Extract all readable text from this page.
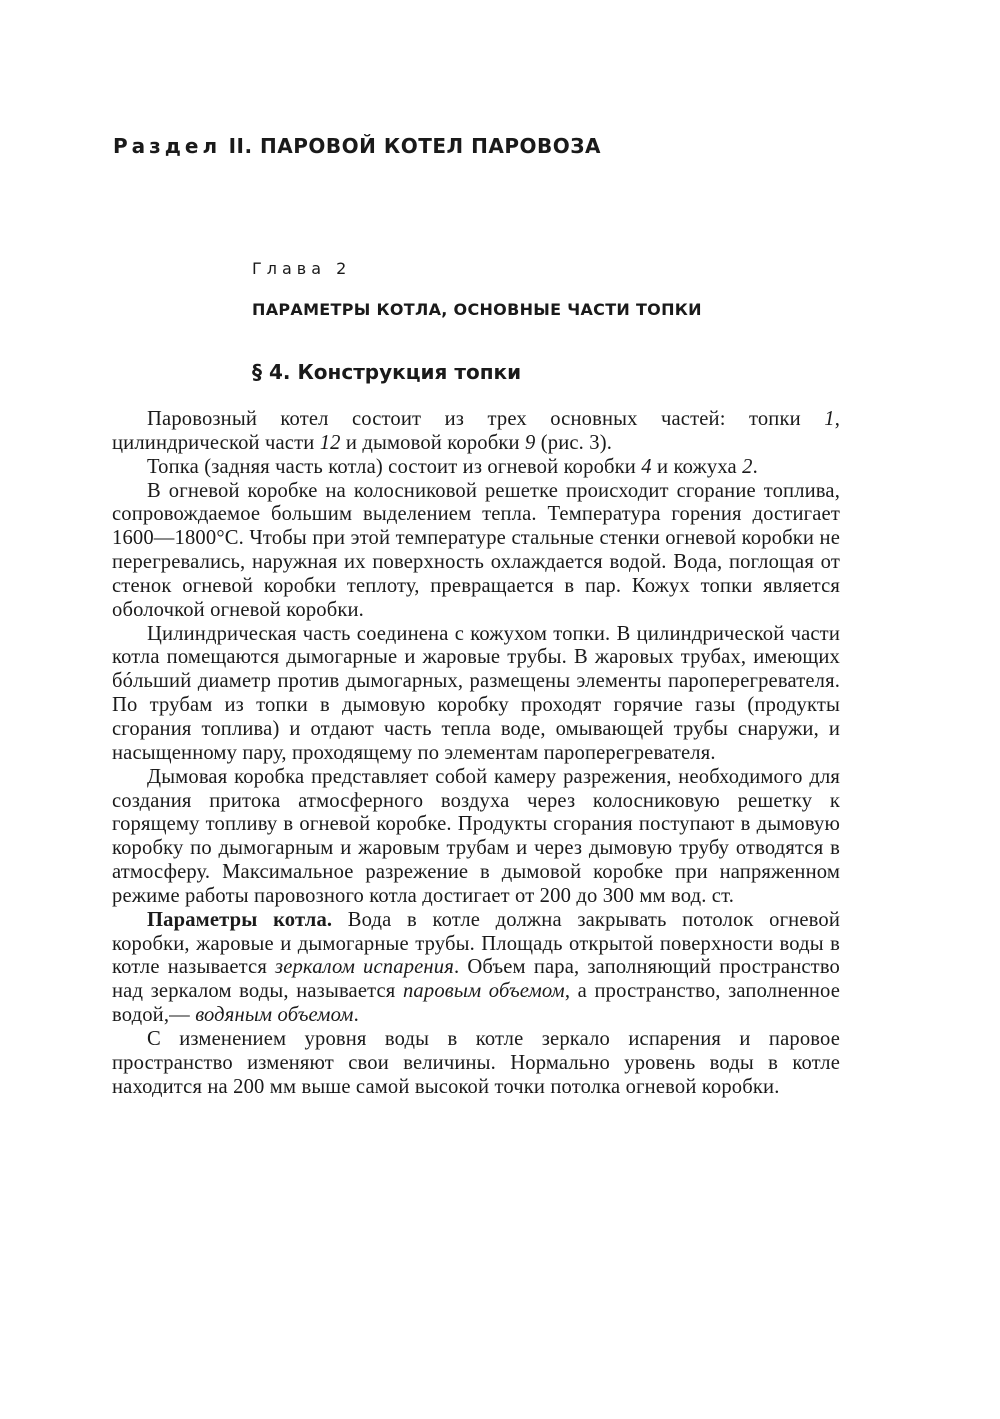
Раздел II. ПАРОВОЙ КОТЕЛ ПАРОВОЗА
Глава 2
ПАРАМЕТРЫ КОТЛА, ОСНОВНЫЕ ЧАСТИ ТОПКИ
§ 4. Конструкция топки

Паровозный котел состоит из трех основных частей: топки 1, цилиндрической части 12 и дымовой коробки 9 (рис. 3).

Топка (задняя часть котла) состоит из огневой коробки 4 и кожуха 2.

В огневой коробке на колосниковой решетке происходит сгорание топлива, сопровождаемое большим выделением тепла. Температура горения достигает 1600—1800°С. Чтобы при этой температуре стальные стенки огневой коробки не перегревались, наружная их поверхность охлаждается водой. Вода, поглощая от стенок огневой коробки теплоту, превращается в пар. Кожух топки является оболочкой огневой коробки.

Цилиндрическая часть соединена с кожухом топки. В цилиндрической части котла помещаются дымогарные и жаровые трубы. В жаровых трубах, имеющих бóльший диаметр против дымогарных, размещены элементы пароперегревателя. По трубам из топки в дымовую коробку проходят горячие газы (продукты сгорания топлива) и отдают часть тепла воде, омывающей трубы снаружи, и насыщенному пару, проходящему по элементам пароперегревателя.

Дымовая коробка представляет собой камеру разрежения, необходимого для создания притока атмосферного воздуха через колосниковую решетку к горящему топливу в огневой коробке. Продукты сгорания поступают в дымовую коробку по дымогарным и жаровым трубам и через дымовую трубу отводятся в атмосферу. Максимальное разрежение в дымовой коробке при напряженном режиме работы паровозного котла достигает от 200 до 300 мм вод. ст.

Параметры котла. Вода в котле должна закрывать потолок огневой коробки, жаровые и дымогарные трубы. Площадь открытой поверхности воды в котле называется зеркалом испарения. Объем пара, заполняющий пространство над зеркалом воды, называется паровым объемом, а пространство, заполненное водой,— водяным объемом.

С изменением уровня воды в котле зеркало испарения и паровое пространство изменяют свои величины. Нормально уровень воды в котле находится на 200 мм выше самой высокой точки потолка огневой коробки.
